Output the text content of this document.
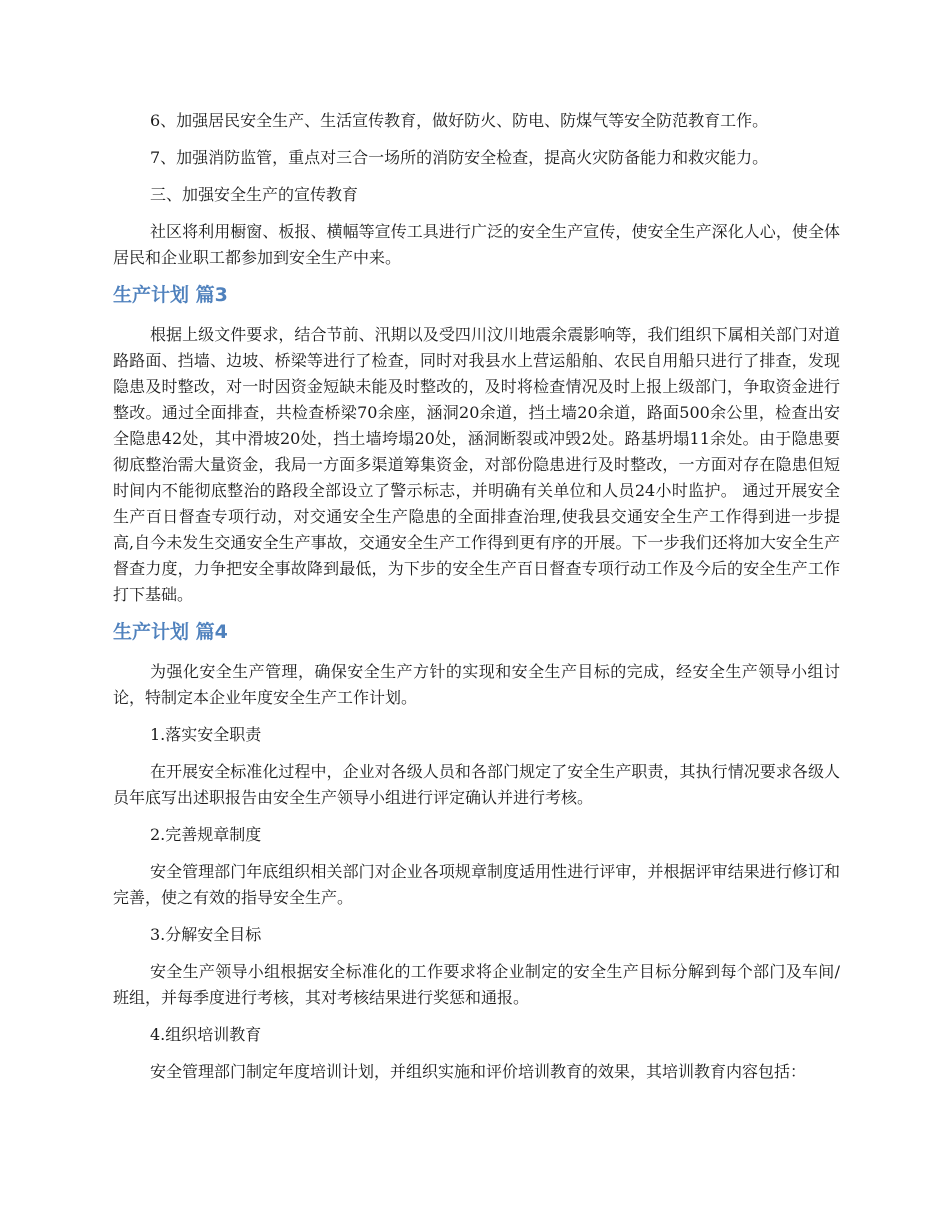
6、加强居民安全生产、生活宣传教育，做好防火、防电、防煤气等安全防范教育工作。

7、加强消防监管，重点对三合一场所的消防安全检查，提高火灾防备能力和救灾能力。

三、加强安全生产的宣传教育

社区将利用橱窗、板报、横幅等宣传工具进行广泛的安全生产宣传，使安全生产深化人心，使全体居民和企业职工都参加到安全生产中来。

生产计划 篇3

根据上级文件要求，结合节前、汛期以及受四川汶川地震余震影响等，我们组织下属相关部门对道路路面、挡墙、边坡、桥梁等进行了检查，同时对我县水上营运船舶、农民自用船只进行了排查，发现隐患及时整改，对一时因资金短缺未能及时整改的，及时将检查情况及时上报上级部门，争取资金进行整改。通过全面排查，共检查桥梁70余座，涵洞20余道，挡土墙20余道，路面500余公里，检查出安全隐患42处，其中滑坡20处，挡土墙垮塌20处，涵洞断裂或冲毁2处。路基坍塌11余处。由于隐患要彻底整治需大量资金，我局一方面多渠道筹集资金，对部份隐患进行及时整改，一方面对存在隐患但短时间内不能彻底整治的路段全部设立了警示标志，并明确有关单位和人员24小时监护。 通过开展安全生产百日督查专项行动，对交通安全生产隐患的全面排查治理,使我县交通安全生产工作得到进一步提高,自今未发生交通安全生产事故，交通安全生产工作得到更有序的开展。下一步我们还将加大安全生产督查力度，力争把安全事故降到最低，为下步的安全生产百日督查专项行动工作及今后的安全生产工作打下基础。

生产计划 篇4

为强化安全生产管理，确保安全生产方针的实现和安全生产目标的完成，经安全生产领导小组讨论，特制定本企业年度安全生产工作计划。

1.落实安全职责

在开展安全标准化过程中，企业对各级人员和各部门规定了安全生产职责，其执行情况要求各级人员年底写出述职报告由安全生产领导小组进行评定确认并进行考核。

2.完善规章制度

安全管理部门年底组织相关部门对企业各项规章制度适用性进行评审，并根据评审结果进行修订和完善，使之有效的指导安全生产。

3.分解安全目标

安全生产领导小组根据安全标准化的工作要求将企业制定的安全生产目标分解到每个部门及车间/班组，并每季度进行考核，其对考核结果进行奖惩和通报。

4.组织培训教育

安全管理部门制定年度培训计划，并组织实施和评价培训教育的效果，其培训教育内容包括：
